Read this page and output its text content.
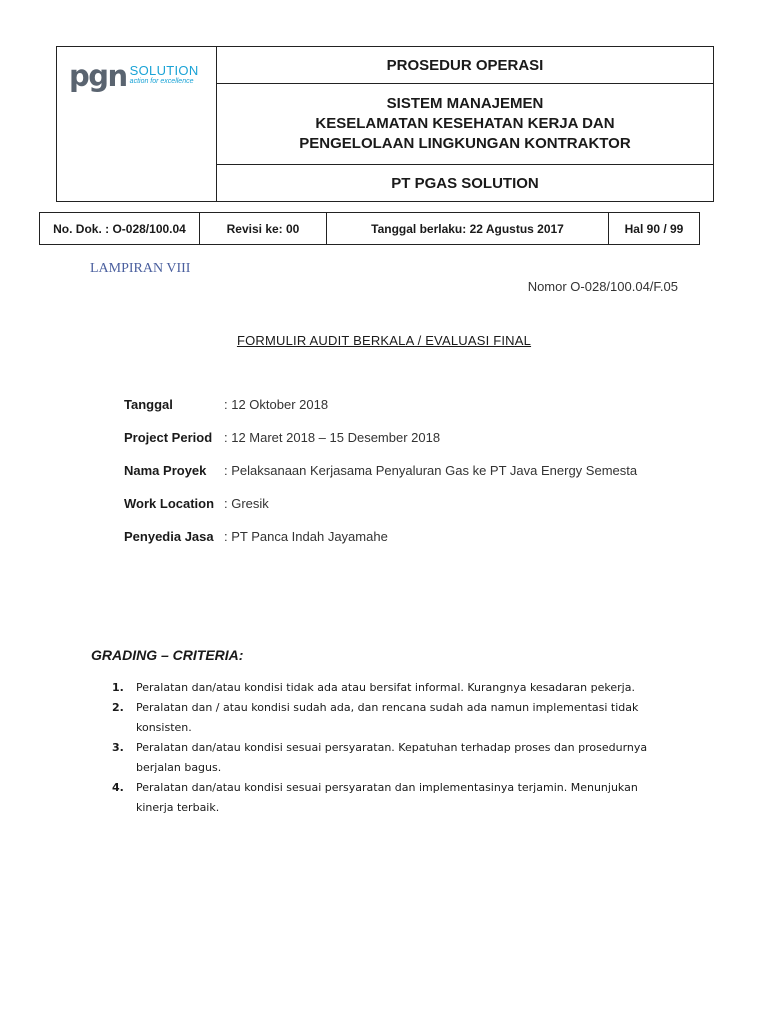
pgn SOLUTION
action for excellence
PROSEDUR OPERASI
SISTEM MANAJEMEN
KESELAMATAN KESEHATAN KERJA DAN
PENGELOLAAN LINGKUNGAN KONTRAKTOR
PT PGAS SOLUTION
No. Dok. : O-028/100.04	Revisi ke: 00	Tanggal berlaku: 22 Agustus 2017	Hal 90 / 99
LAMPIRAN VIII
Nomor O-028/100.04/F.05
FORMULIR AUDIT BERKALA / EVALUASI FINAL
Tanggal	: 12 Oktober 2018
Project Period : 12 Maret 2018 – 15 Desember 2018
Nama Proyek	: Pelaksanaan Kerjasama Penyaluran Gas ke PT Java Energy Semesta
Work Location : Gresik
Penyedia Jasa : PT Panca Indah Jayamahe
GRADING – CRITERIA:
1.	Peralatan dan/atau kondisi tidak ada atau bersifat informal. Kurangnya kesadaran pekerja.
2.	Peralatan dan / atau kondisi sudah ada, dan rencana sudah ada namun implementasi tidak konsisten.
3.	Peralatan dan/atau kondisi sesuai persyaratan. Kepatuhan terhadap proses dan prosedurnya berjalan bagus.
4.	Peralatan dan/atau kondisi sesuai persyaratan dan implementasinya terjamin. Menunjukan kinerja terbaik.
